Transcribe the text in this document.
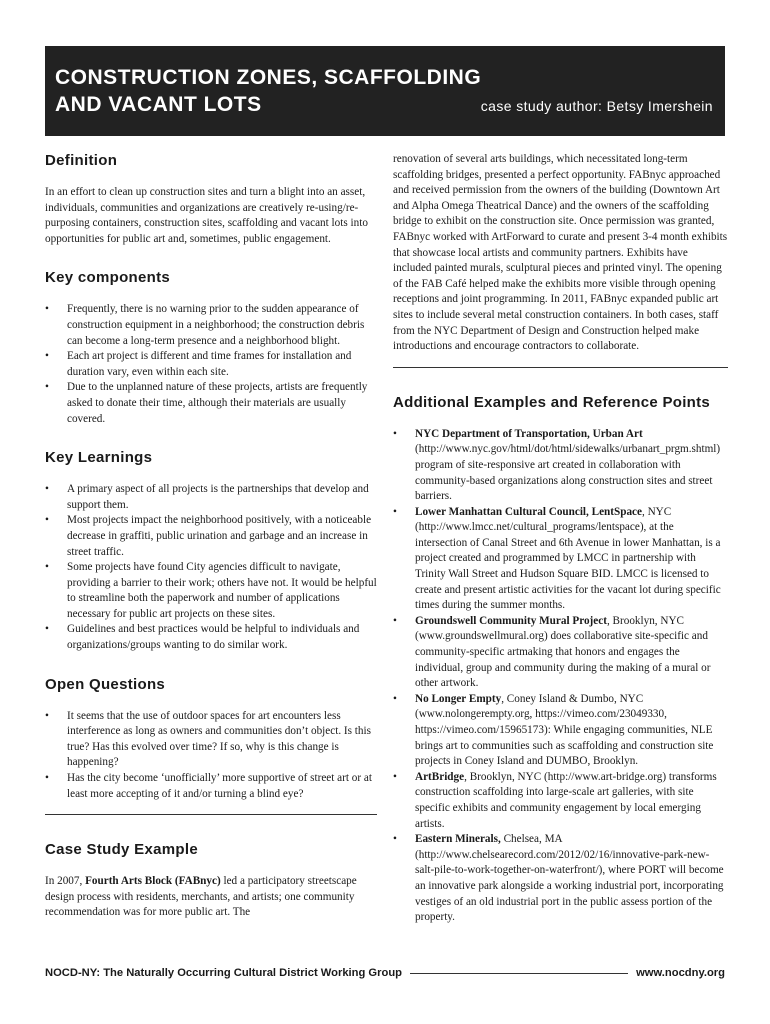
CONSTRUCTION ZONES, SCAFFOLDING
AND VACANT LOTS	case study author: Betsy Imershein
Definition

In an effort to clean up construction sites and turn a blight into an asset, individuals, communities and organizations are creatively re-using/re-purposing containers, construction sites, scaffolding and vacant lots into opportunities for public art and, sometimes, public engagement.

Key components
• Frequently, there is no warning prior to the sudden appearance of construction equipment in a neighborhood; the construction debris can become a long-term presence and a neighborhood blight.
• Each art project is different and time frames for installation and duration vary, even within each site.
• Due to the unplanned nature of these projects, artists are frequently asked to donate their time, although their materials are usually covered.
Key Learnings
• A primary aspect of all projects is the partnerships that develop and support them.
• Most projects impact the neighborhood positively, with a noticeable decrease in graffiti, public urination and garbage and an increase in street traffic.
• Some projects have found City agencies difficult to navigate, providing a barrier to their work; others have not. It would be helpful to streamline both the paperwork and number of applications necessary for public art projects on these sites.
• Guidelines and best practices would be helpful to individuals and organizations/groups wanting to do similar work.
Open Questions
• It seems that the use of outdoor spaces for art encounters less interference as long as owners and communities don’t object. Is this true? Has this evolved over time? If so, why is this change is happening?
• Has the city become ‘unofficially’ more supportive of street art or at least more accepting of it and/or turning a blind eye?
Case Study Example

In 2007, Fourth Arts Block (FABnyc) led a participatory streetscape design process with residents, merchants, and artists; one community recommendation was for more public art. The

renovation of several arts buildings, which necessitated long-term scaffolding bridges, presented a perfect opportunity. FABnyc approached and received permission from the owners of the building (Downtown Art and Alpha Omega Theatrical Dance) and the owners of the scaffolding bridge to exhibit on the construction site. Once permission was granted, FABnyc worked with ArtForward to curate and present 3-4 month exhibits that showcase local artists and community partners. Exhibits have included painted murals, sculptural pieces and printed vinyl. The opening of the FAB Café helped make the exhibits more visible through opening receptions and joint programming. In 2011, FABnyc expanded public art sites to include several metal construction containers. In both cases, staff from the NYC Department of Design and Construction helped make introductions and encourage contractors to collaborate.

Additional Examples and Reference Points
• NYC Department of Transportation, Urban Art (http://www.nyc.gov/html/dot/html/sidewalks/urbanart_prgm.shtml) program of site-responsive art created in collaboration with community-based organizations along construction sites and street barriers.
• Lower Manhattan Cultural Council, LentSpace, NYC (http://www.lmcc.net/cultural_programs/lentspace), at the intersection of Canal Street and 6th Avenue in lower Manhattan, is a project created and programmed by LMCC in partnership with Trinity Wall Street and Hudson Square BID. LMCC is licensed to create and present artistic activities for the vacant lot during specific times during the summer months.
• Groundswell Community Mural Project, Brooklyn, NYC (www.groundswellmural.org) does collaborative site-specific and community-specific artmaking that honors and engages the individual, group and community during the making of a mural or other artwork.
• No Longer Empty, Coney Island & Dumbo, NYC (www.nolongerempty.org, https://vimeo.com/23049330, https://vimeo.com/15965173): While engaging communities, NLE brings art to communities such as scaffolding and construction site projects in Coney Island and DUMBO, Brooklyn.
• ArtBridge, Brooklyn, NYC (http://www.art-bridge.org) transforms construction scaffolding into large-scale art galleries, with site specific exhibits and community engagement by local emerging artists.
• Eastern Minerals, Chelsea, MA (http://www.chelsearecord.com/2012/02/16/innovative-park-new-salt-pile-to-work-together-on-waterfront/), where PORT will become an innovative park alongside a working industrial port, incorporating vestiges of an old industrial port in the public assess portion of the property.
NOCD-NY: The Naturally Occurring Cultural District Working Group	www.nocdny.org
